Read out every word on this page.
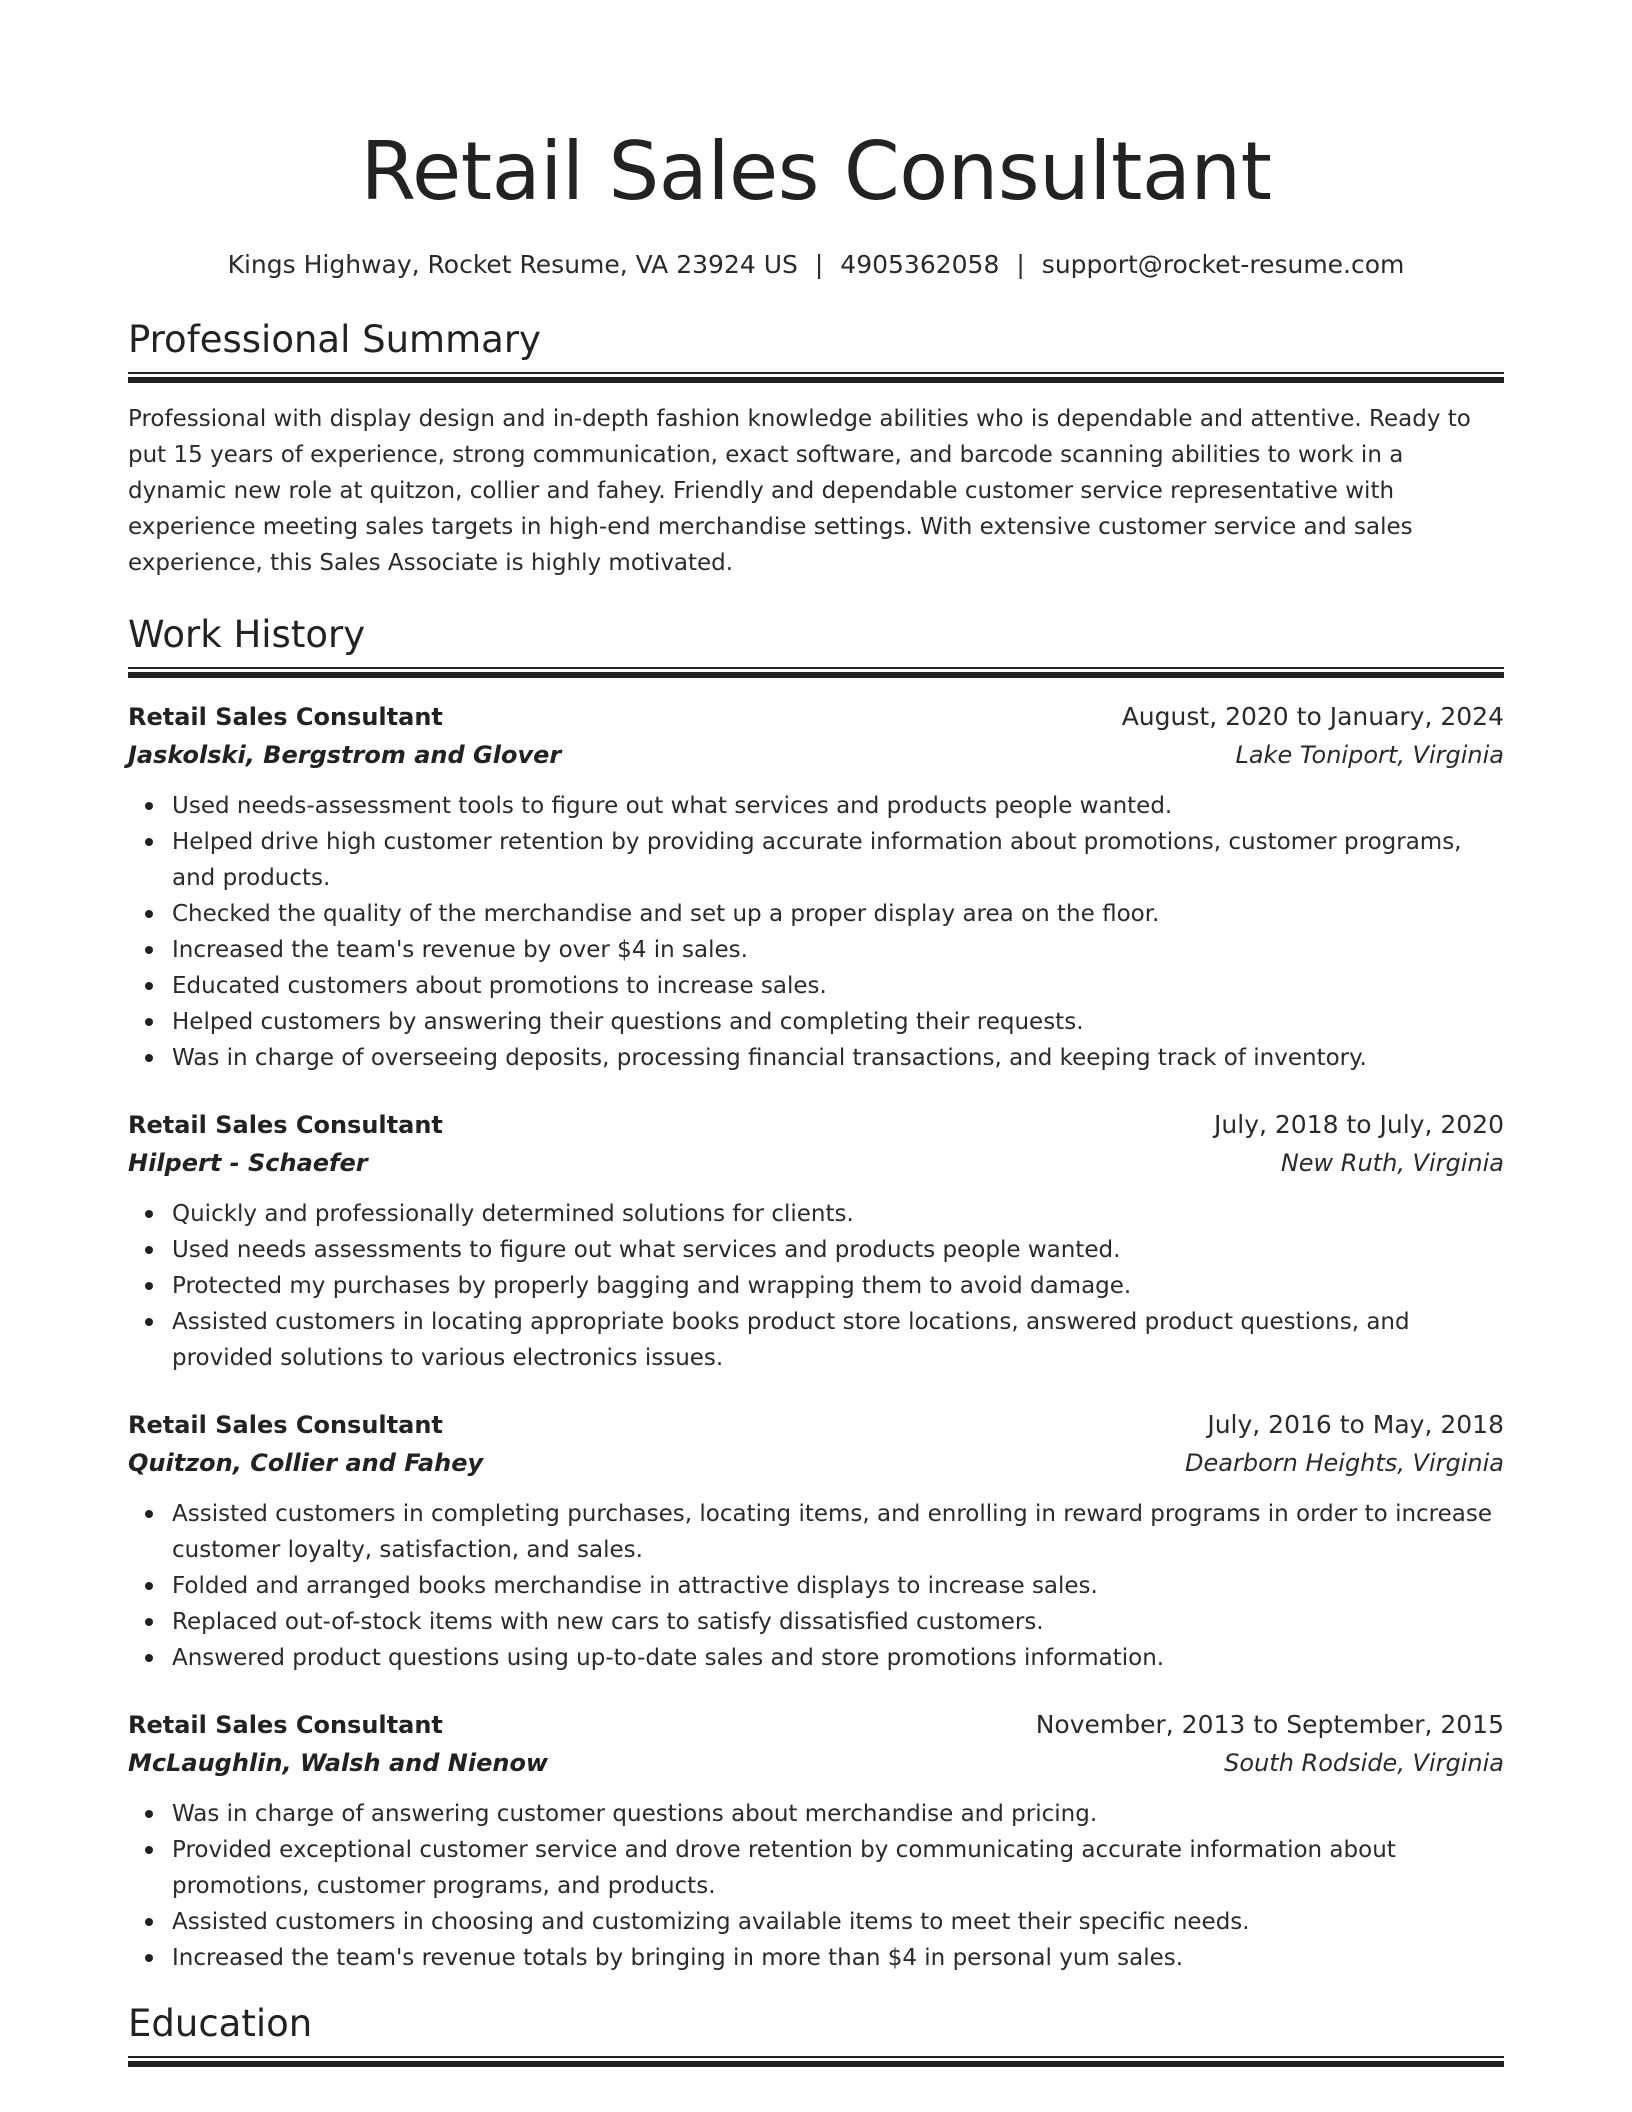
Retail Sales Consultant
Kings Highway, Rocket Resume, VA 23924 US | 4905362058 | support@rocket-resume.com
Professional Summary

Professional with display design and in-depth fashion knowledge abilities who is dependable and attentive. Ready to put 15 years of experience, strong communication, exact software, and barcode scanning abilities to work in a dynamic new role at quitzon, collier and fahey. Friendly and dependable customer service representative with experience meeting sales targets in high-end merchandise settings. With extensive customer service and sales experience, this Sales Associate is highly motivated.

Work History
Retail Sales Consultant	August, 2020 to January, 2024
Jaskolski, Bergstrom and Glover	Lake Toniport, Virginia
Used needs-assessment tools to figure out what services and products people wanted.
Helped drive high customer retention by providing accurate information about promotions, customer programs, and products.
Checked the quality of the merchandise and set up a proper display area on the floor.
Increased the team's revenue by over $4 in sales.
Educated customers about promotions to increase sales.
Helped customers by answering their questions and completing their requests.
Was in charge of overseeing deposits, processing financial transactions, and keeping track of inventory.
Retail Sales Consultant	July, 2018 to July, 2020
Hilpert - Schaefer	New Ruth, Virginia
Quickly and professionally determined solutions for clients.
Used needs assessments to figure out what services and products people wanted.
Protected my purchases by properly bagging and wrapping them to avoid damage.
Assisted customers in locating appropriate books product store locations, answered product questions, and provided solutions to various electronics issues.
Retail Sales Consultant	July, 2016 to May, 2018
Quitzon, Collier and Fahey	Dearborn Heights, Virginia
Assisted customers in completing purchases, locating items, and enrolling in reward programs in order to increase customer loyalty, satisfaction, and sales.
Folded and arranged books merchandise in attractive displays to increase sales.
Replaced out-of-stock items with new cars to satisfy dissatisfied customers.
Answered product questions using up-to-date sales and store promotions information.
Retail Sales Consultant	November, 2013 to September, 2015
McLaughlin, Walsh and Nienow	South Rodside, Virginia
Was in charge of answering customer questions about merchandise and pricing.
Provided exceptional customer service and drove retention by communicating accurate information about promotions, customer programs, and products.
Assisted customers in choosing and customizing available items to meet their specific needs.
Increased the team's revenue totals by bringing in more than $4 in personal yum sales.
Education
